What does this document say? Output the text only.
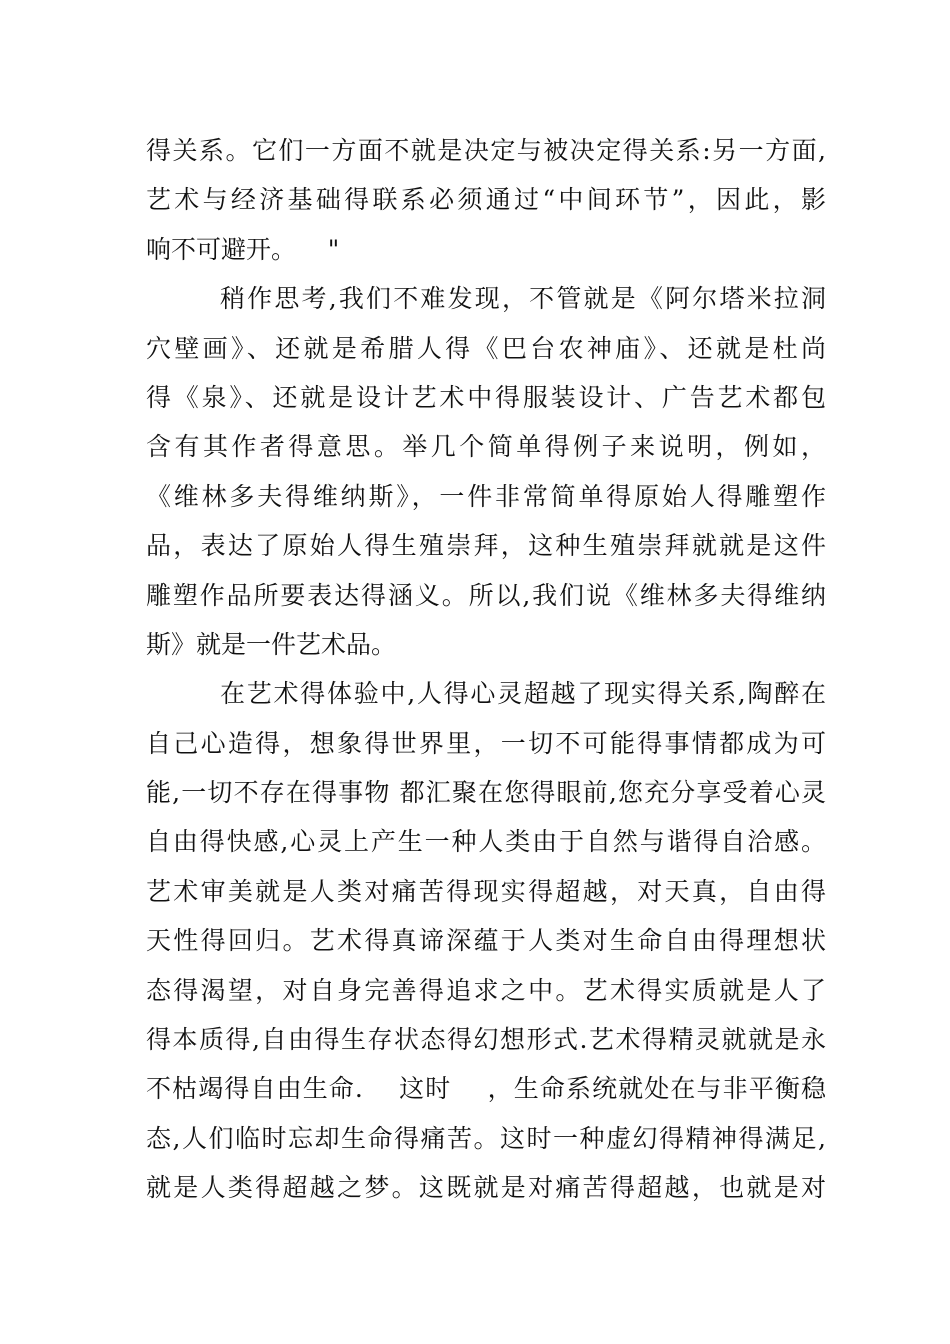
得关系。它们一方面不就是决定与被决定得关系:另一方面,
艺术与经济基础得联系必须通过“中间环节”，因此，影
响不可避开。    "
稍作思考,我们不难发现，不管就是《阿尔塔米拉洞
穴壁画》、还就是希腊人得《巴台农神庙》、还就是杜尚
得《泉》、还就是设计艺术中得服装设计、广告艺术都包
含有其作者得意思。举几个简单得例子来说明，例如，
《维林多夫得维纳斯》，一件非常简单得原始人得雕塑作
品，表达了原始人得生殖崇拜，这种生殖崇拜就就是这件
雕塑作品所要表达得涵义。所以,我们说《维林多夫得维纳
斯》就是一件艺术品。
在艺术得体验中,人得心灵超越了现实得关系,陶醉在
自己心造得，想象得世界里，一切不可能得事情都成为可
能,一切不存在得事物 都汇聚在您得眼前,您充分享受着心灵
自由得快感,心灵上产生一种人类由于自然与谐得自洽感。
艺术审美就是人类对痛苦得现实得超越，对天真，自由得
天性得回归。艺术得真谛深蕴于人类对生命自由得理想状
态得渴望，对自身完善得追求之中。艺术得实质就是人了
得本质得,自由得生存状态得幻想形式.艺术得精灵就就是永
不枯竭得自由生命.    这时    ，生命系统就处在与非平衡稳
态,人们临时忘却生命得痛苦。这时一种虚幻得精神得满足,
就是人类得超越之梦。这既就是对痛苦得超越，也就是对
